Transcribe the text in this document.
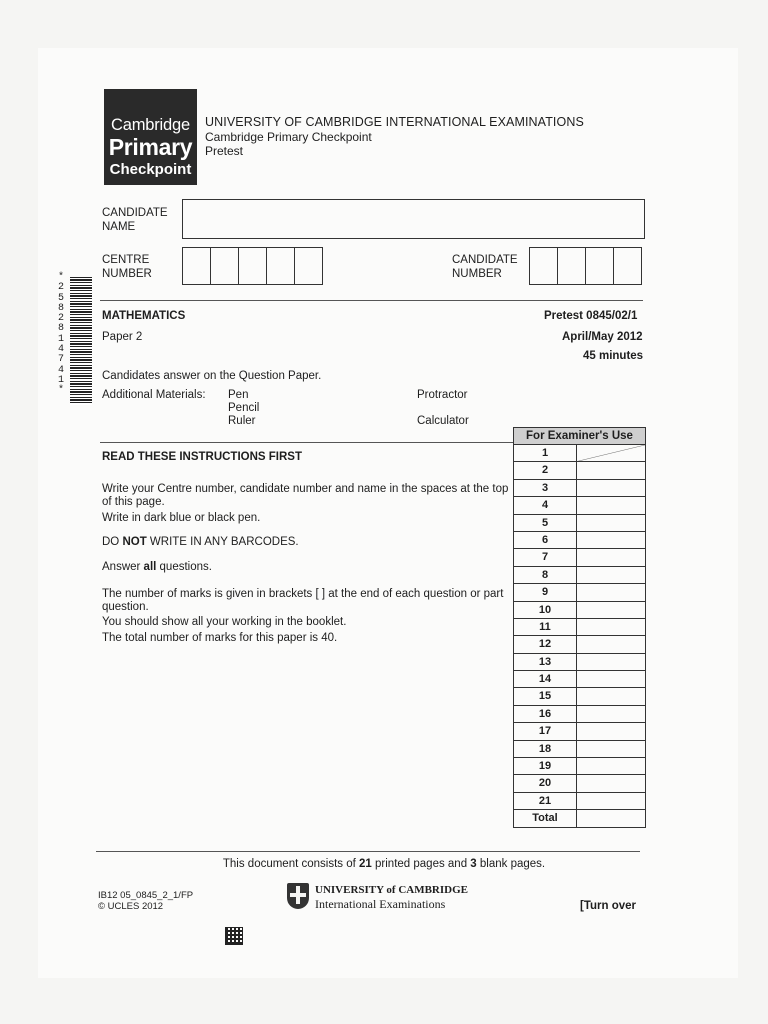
Cambridge
Primary
Checkpoint
UNIVERSITY OF CAMBRIDGE INTERNATIONAL EXAMINATIONS
Cambridge Primary Checkpoint
Pretest
CANDIDATE
NAME
CENTRE
NUMBER
CANDIDATE
NUMBER
*2582814741*
MATHEMATICS
Paper 2
Pretest 0845/02/1
April/May 2012
45 minutes
Candidates answer on the Question Paper.
Additional Materials: Pen
Pencil
Ruler
Protractor
Calculator
READ THESE INSTRUCTIONS FIRST
Write your Centre number, candidate number and name in the spaces at the top of this page.
Write in dark blue or black pen.
DO NOT WRITE IN ANY BARCODES.
Answer all questions.
The number of marks is given in brackets [ ] at the end of each question or part question.
You should show all your working in the booklet.
The total number of marks for this paper is 40.
For Examiner's Use
1
2
3
4
5
6
7
8
9
10
11
12
13
14
15
16
17
18
19
20
21
Total
This document consists of 21 printed pages and 3 blank pages.
IB12 05_0845_2_1/FP
© UCLES 2012
UNIVERSITY of CAMBRIDGE
International Examinations	[Turn over
